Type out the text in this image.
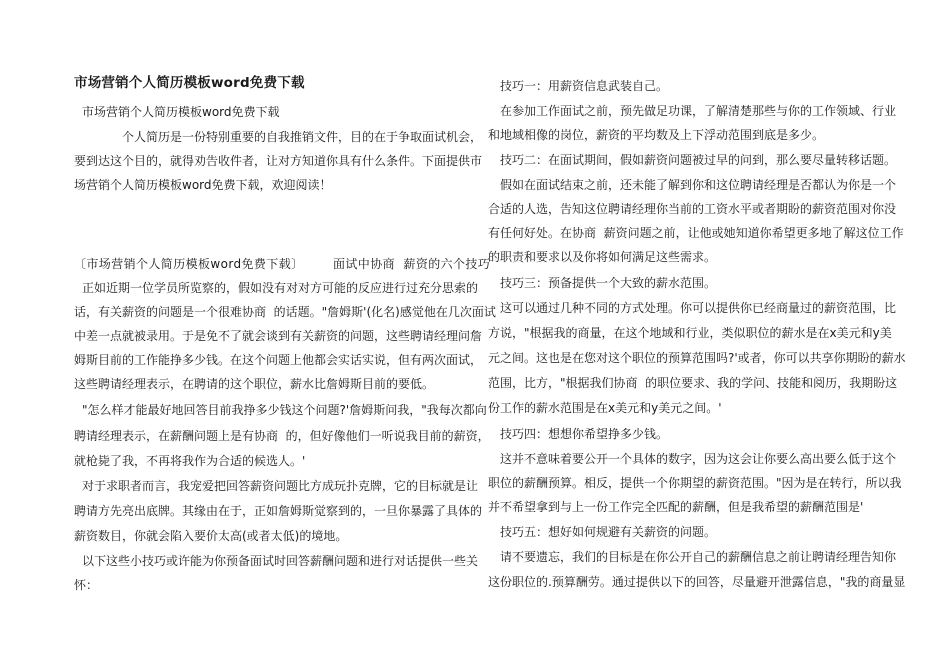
市场营销个人简历模板word免费下载
市场营销个人简历模板word免费下载
个人简历是一份特别重要的自我推销文件，目的在于争取面试机会，
要到达这个目的，就得劝告收件者，让对方知道你具有什么条件。下面提供市
场营销个人简历模板word免费下载，欢迎阅读！
〔市场营销个人简历模板word免费下载〕       面试中协商  薪资的六个技巧
正如近期一位学员所览察的，假如没有对对方可能的反应进行过充分思索的
话，有关薪资的问题是一个很难协商  的话题。"詹姆斯'(化名)感觉他在几次面试
中差一点就被录用。于是免不了就会谈到有关薪资的问题，这些聘请经理问詹
姆斯目前的工作能挣多少钱。在这个问题上他都会实话实说，但有两次面试，
这些聘请经理表示，在聘请的这个职位，薪水比詹姆斯目前的要低。
"怎么样才能最好地回答目前我挣多少钱这个问题?'詹姆斯问我，"我每次都向
聘请经理表示，在薪酬问题上是有协商  的，但好像他们一听说我目前的薪资，
就枪毙了我，不再将我作为合适的候选人。'
对于求职者而言，我宠爱把回答薪资问题比方成玩扑克牌，它的目标就是让
聘请方先亮出底牌。其缘由在于，正如詹姆斯觉察到的，一旦你暴露了具体的
薪资数目，你就会陷入要价太高(或者太低)的境地。
以下这些小技巧或许能为你预备面试时回答薪酬问题和进行对话提供一些关
怀：
技巧一：用薪资信息武装自己。
在参加工作面试之前，预先做足功课，了解清楚那些与你的工作领域、行业
和地域相像的岗位，薪资的平均数及上下浮动范围到底是多少。
技巧二：在面试期间，假如薪资问题被过早的问到，那么要尽量转移话题。
假如在面试结束之前，还未能了解到你和这位聘请经理是否都认为你是一个
合适的人选，告知这位聘请经理你当前的工资水平或者期盼的薪资范围对你没
有任何好处。在协商  薪资问题之前，让他或她知道你希望更多地了解这位工作
的职责和要求以及你将如何满足这些需求。
技巧三：预备提供一个大致的薪水范围。
这可以通过几种不同的方式处理。你可以提供你已经商量过的薪资范围，比
方说，"根据我的商量，在这个地域和行业，类似职位的薪水是在x美元和y美
元之间。这也是在您对这个职位的预算范围吗?'或者，你可以共享你期盼的薪水
范围，比方，"根据我们协商  的职位要求、我的学问、技能和阅历，我期盼这
份工作的薪水范围是在x美元和y美元之间。'
技巧四：想想你希望挣多少钱。
这并不意味着要公开一个具体的数字，因为这会让你要么高出要么低于这个
职位的薪酬预算。相反，提供一个你期望的薪资范围。"因为是在转行，所以我
并不希望拿到与上一份工作完全匹配的薪酬，但是我希望的薪酬范围是'
技巧五：想好如何规避有关薪资的问题。
请不要遗忘，我们的目标是在你公开自己的薪酬信息之前让聘请经理告知你
这份职位的.预算酬劳。通过提供以下的回答，尽量避开泄露信息，"我的商量显
